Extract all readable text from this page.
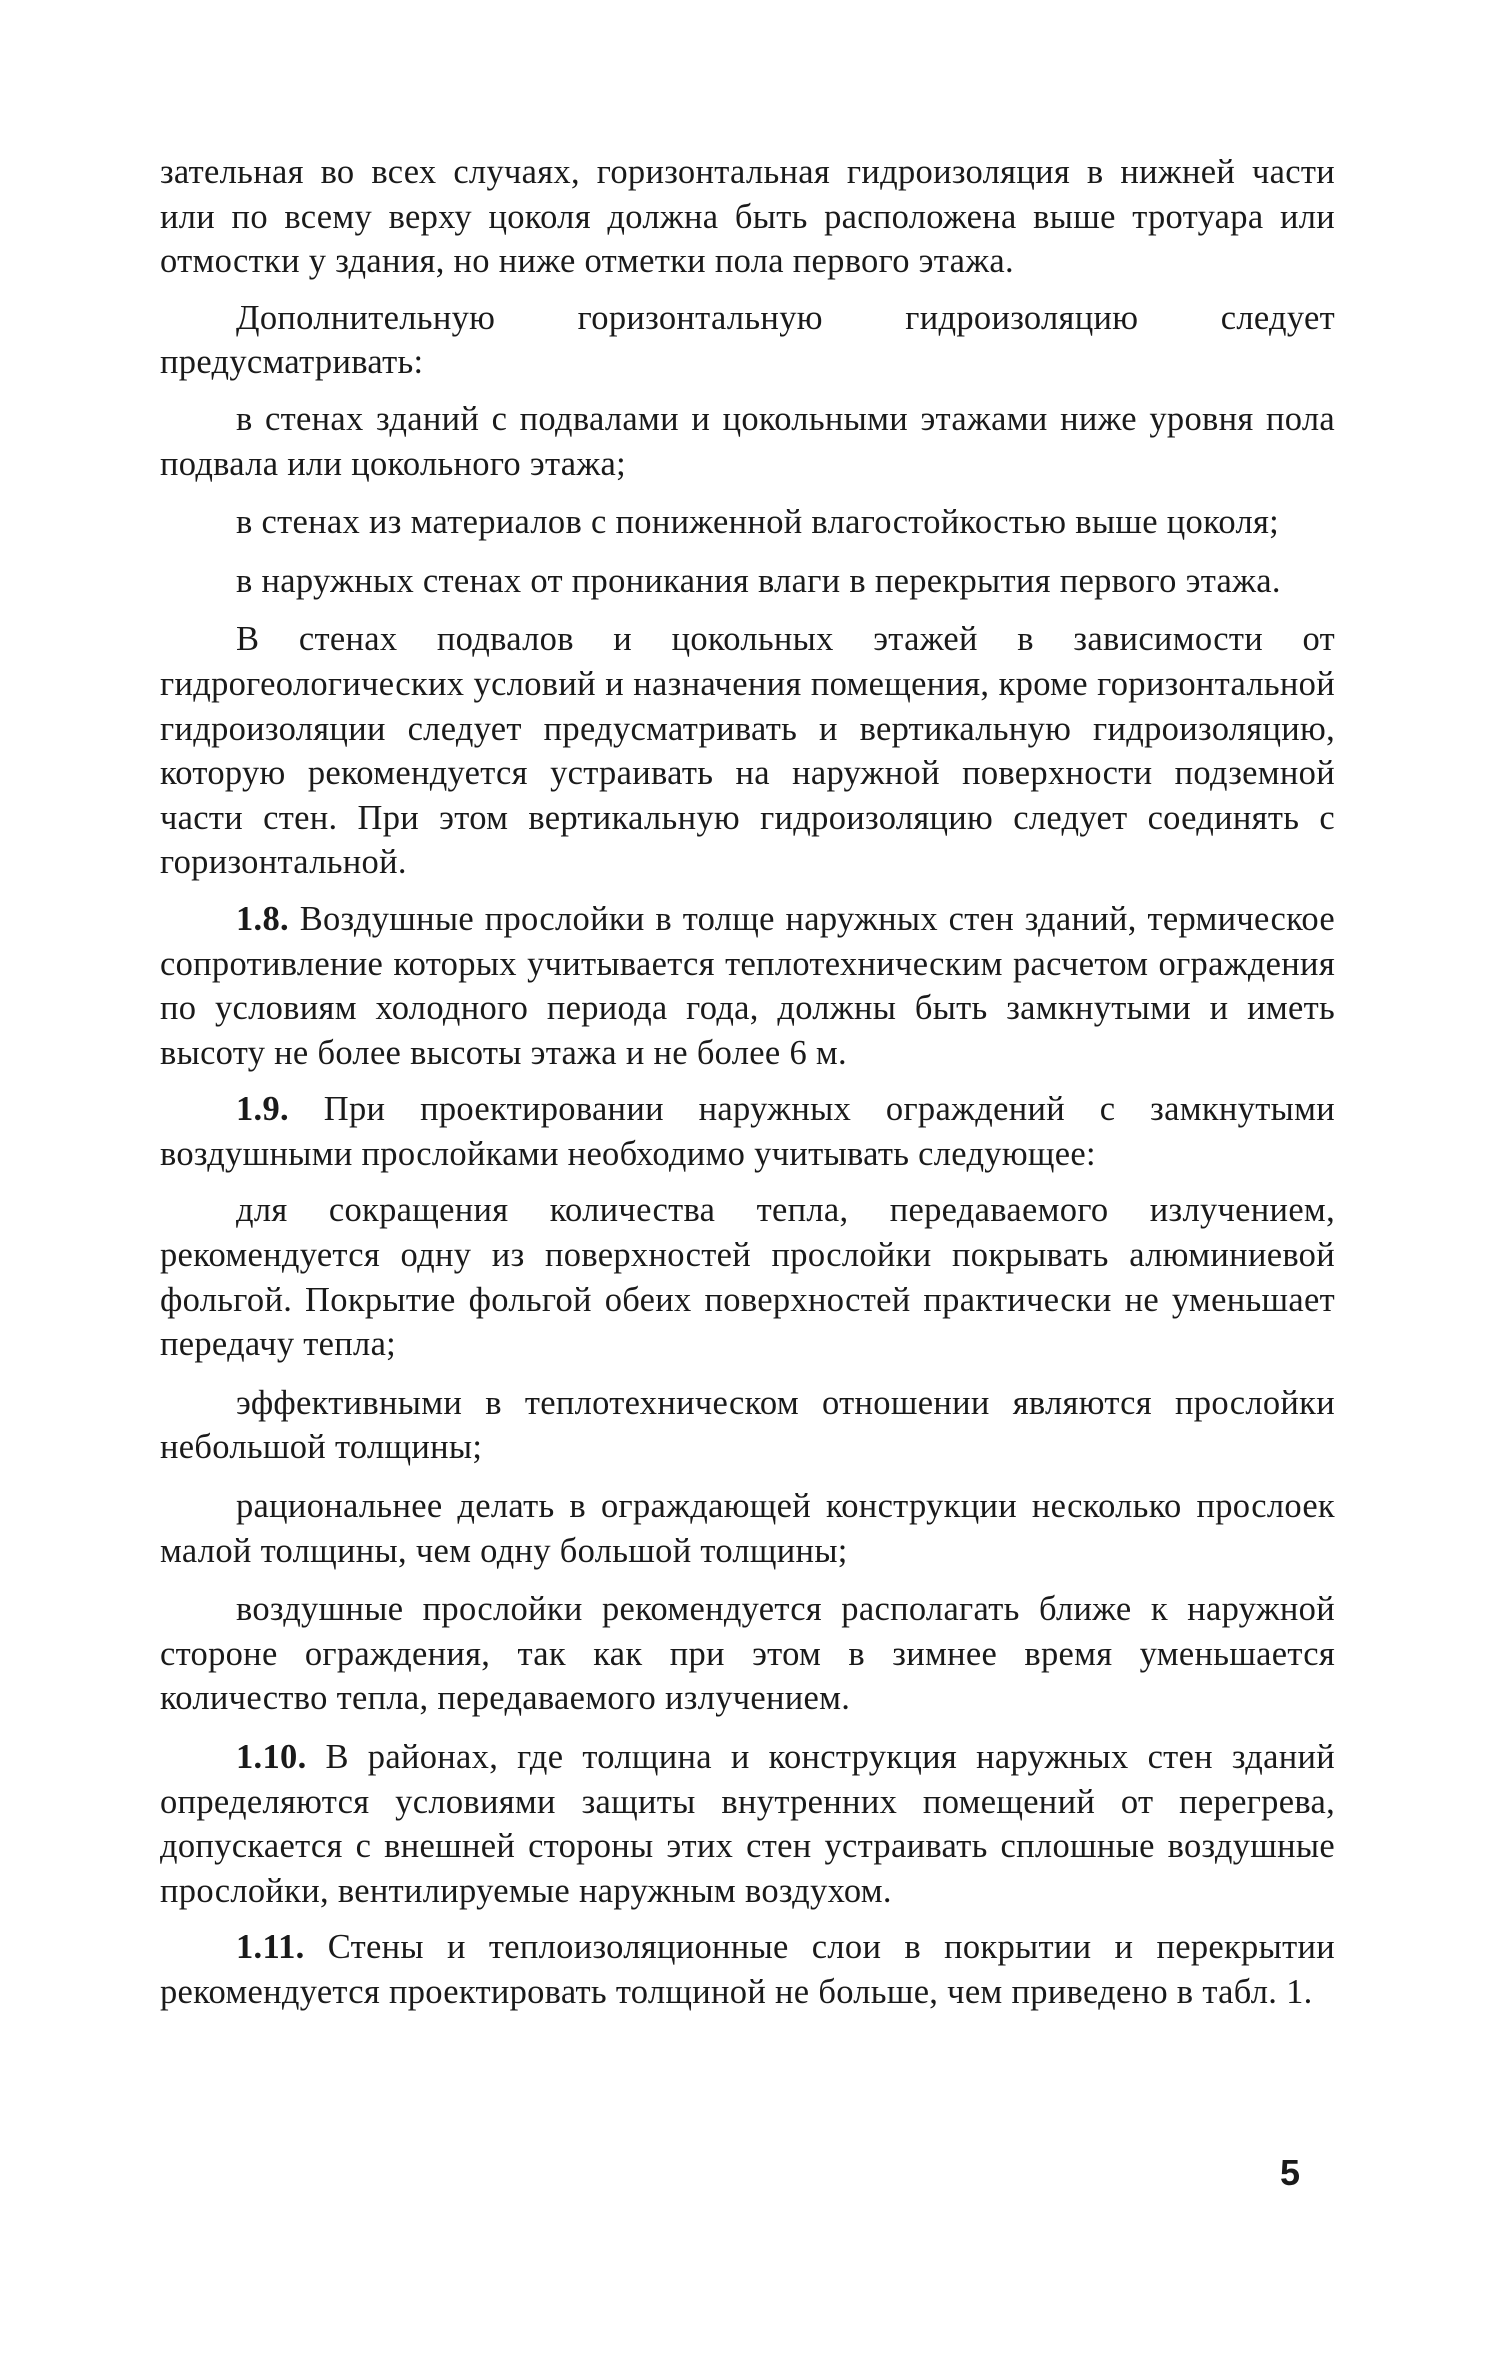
зательная во всех случаях, горизонтальная гидроизоляция в нижней части или по всему верху цоколя должна быть расположена выше тротуара или отмостки у здания, но ниже отметки пола первого этажа.

Дополнительную горизонтальную гидроизоляцию следует предусматривать:

в стенах зданий с подвалами и цокольными этажами ниже уровня пола подвала или цокольного этажа;

в стенах из материалов с пониженной влагостойкостью выше цоколя;

в наружных стенах от проникания влаги в перекрытия первого этажа.

В стенах подвалов и цокольных этажей в зависимости от гидрогеологических условий и назначения помещения, кроме горизонтальной гидроизоляции следует предусматривать и вертикальную гидроизоляцию, которую рекомендуется устраивать на наружной поверхности подземной части стен. При этом вертикальную гидроизоляцию следует соединять с горизонтальной.

1.8. Воздушные прослойки в толще наружных стен зданий, термическое сопротивление которых учитывается теплотехническим расчетом ограждения по условиям холодного периода года, должны быть замкнутыми и иметь высоту не более высоты этажа и не более 6 м.

1.9. При проектировании наружных ограждений с замкнутыми воздушными прослойками необходимо учитывать следующее:

для сокращения количества тепла, передаваемого излучением, рекомендуется одну из поверхностей прослойки покрывать алюминиевой фольгой. Покрытие фольгой обеих поверхностей практически не уменьшает передачу тепла;

эффективными в теплотехническом отношении являются прослойки небольшой толщины;

рациональнее делать в ограждающей конструкции несколько прослоек малой толщины, чем одну большой толщины;

воздушные прослойки рекомендуется располагать ближе к наружной стороне ограждения, так как при этом в зимнее время уменьшается количество тепла, передаваемого излучением.

1.10. В районах, где толщина и конструкция наружных стен зданий определяются условиями защиты внутренних помещений от перегрева, допускается с внешней стороны этих стен устраивать сплошные воздушные прослойки, вентилируемые наружным воздухом.

1.11. Стены и теплоизоляционные слои в покрытии и перекрытии рекомендуется проектировать толщиной не больше, чем приведено в табл. 1.

5
